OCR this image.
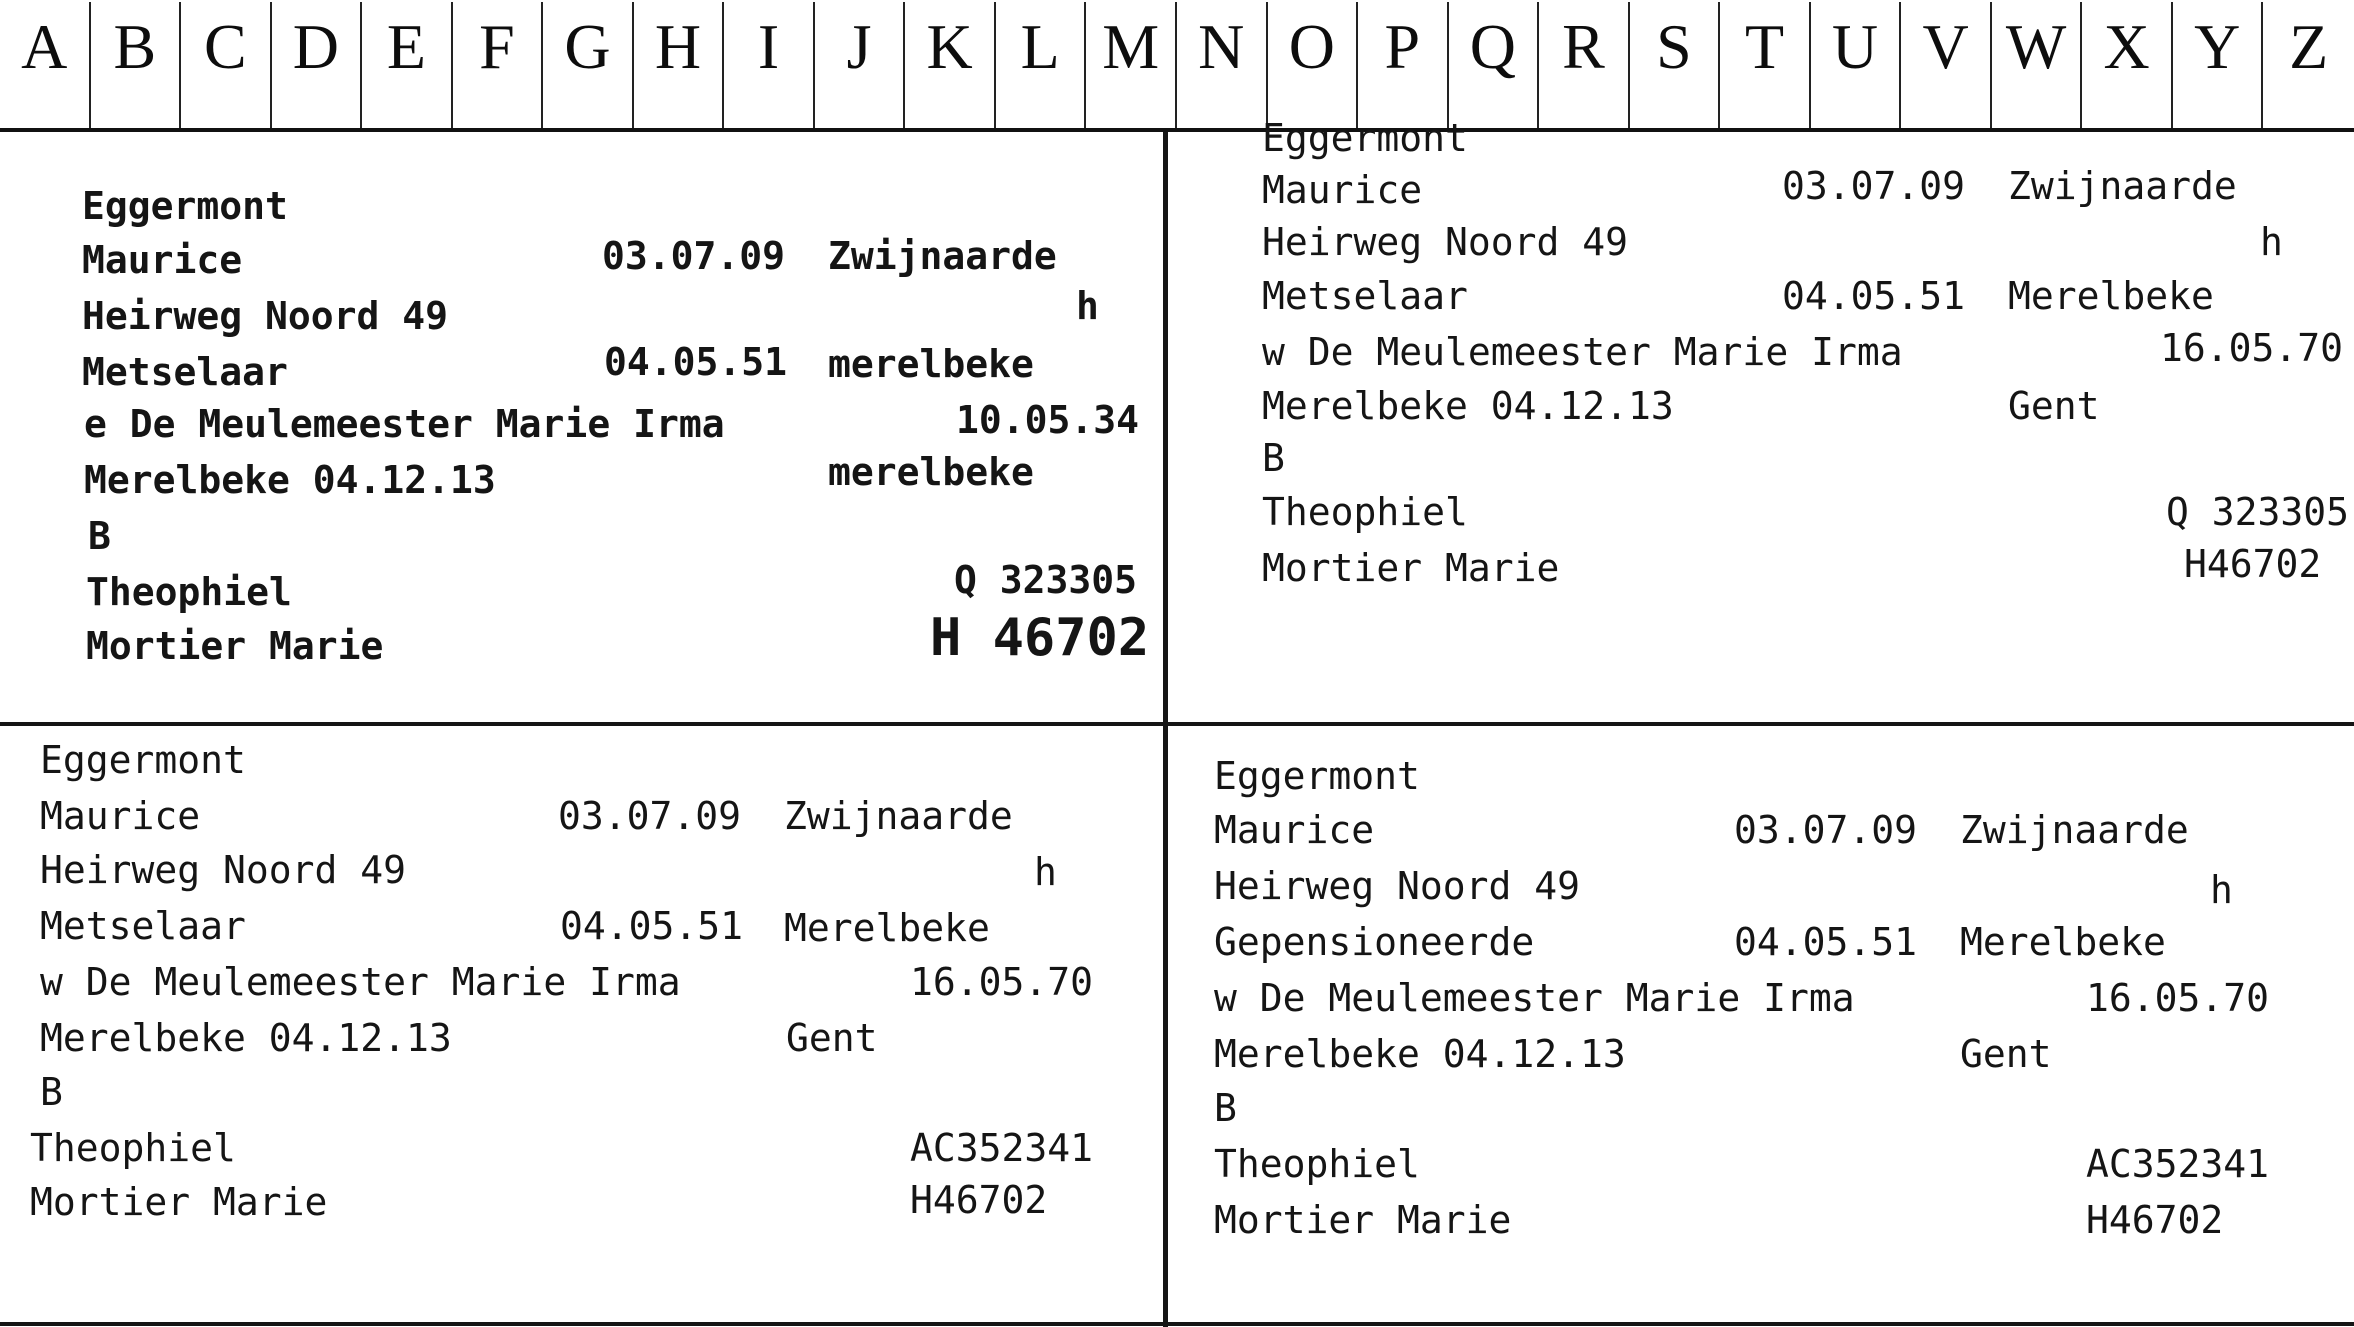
A B C D E F G H I	J K L M N O P Q R S T U V W X Y Z
Eggermont
Maurice	03.07.09 Zwijnaarde
Heirweg Noord 49	h
Metselaar	04.05.51 merelbeke
e De Meulemeester Marie Irma	10.05.34
Merelbeke 04.12.13	merelbeke
B
Theophiel	Q 323305
Mortier Marie	H 46702
Eggermont
Maurice	03.07.09 Zwijnaarde
Heirweg Noord 49	h
Metselaar	04.05.51 Merelbeke
w De Meulemeester Marie Irma	16.05.70
Merelbeke 04.12.13	Gent
B
Theophiel	Q 323305
Mortier Marie	H46702
Eggermont
Maurice	03.07.09 Zwijnaarde
Heirweg Noord 49	h
Metselaar	04.05.51 Merelbeke
w De Meulemeester Marie Irma	16.05.70
Merelbeke 04.12.13	Gent
B
Theophiel	AC352341
Mortier Marie	H46702
Eggermont
Maurice	03.07.09 Zwijnaarde
Heirweg Noord 49	h
Gepensioneerde	04.05.51 Merelbeke
w De Meulemeester Marie Irma	16.05.70
Merelbeke 04.12.13	Gent
B
Theophiel	AC352341
Mortier Marie	H46702
